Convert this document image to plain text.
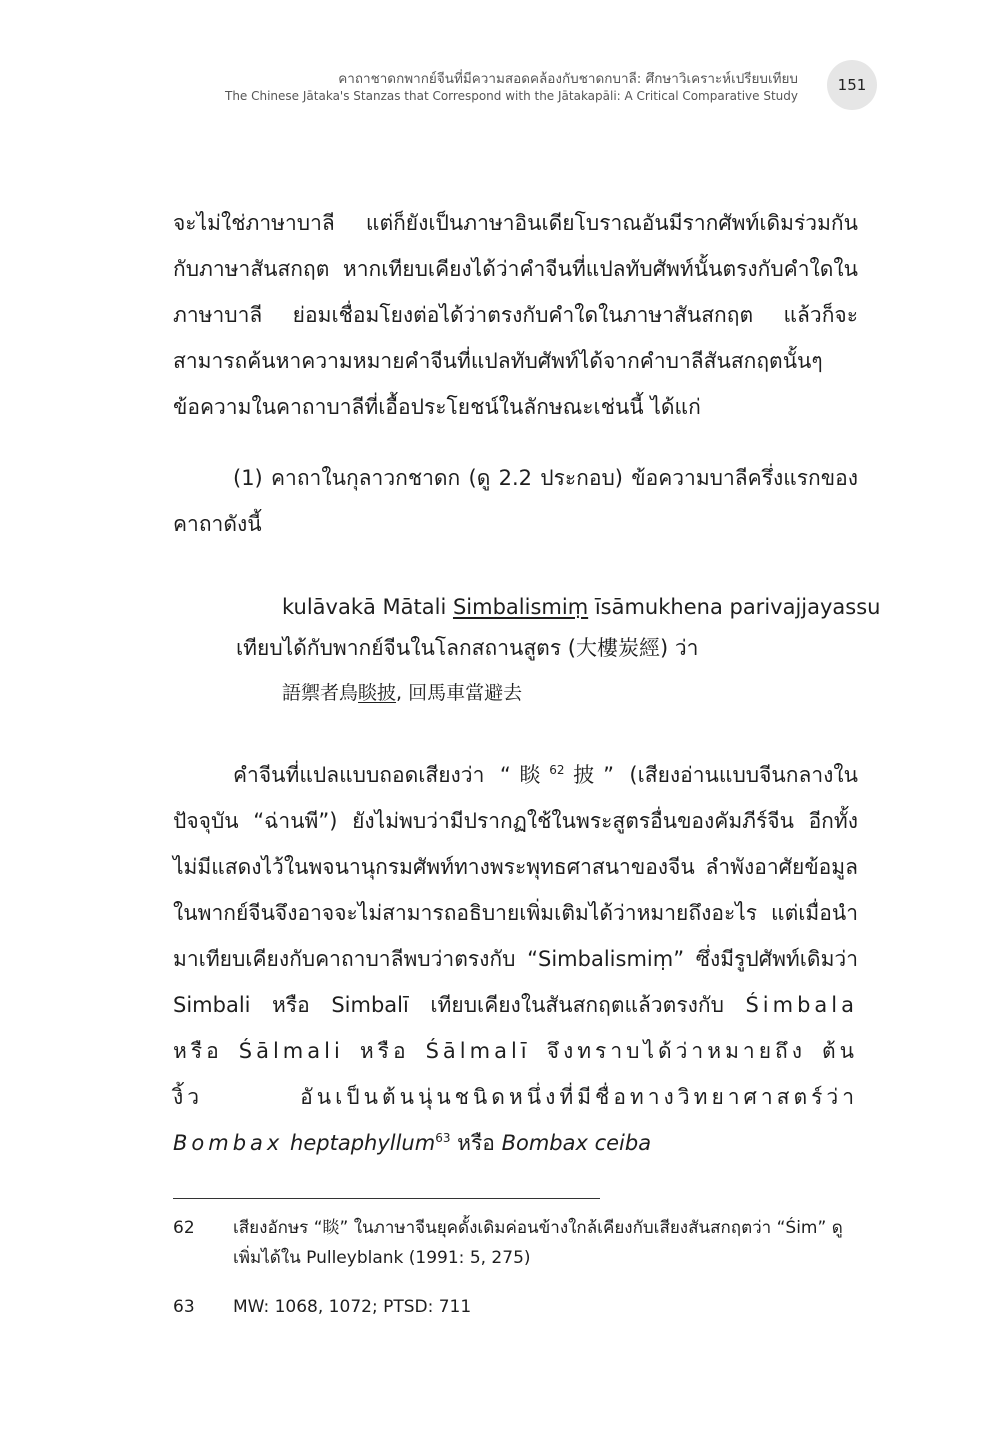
คาถาชาดกพากย์จีนที่มีความสอดคล้องกับชาดกบาลี: ศึกษาวิเคราะห์เปรียบเทียบ
The Chinese Jātaka's Stanzas that Correspond with the Jātakapāli: A Critical Comparative Study
151

จะไม่ใช่ภาษาบาลี แต่ก็ยังเป็นภาษาอินเดียโบราณอันมีรากศัพท์เดิมร่วมกันกับภาษาสันสกฤต หากเทียบเคียงได้ว่าคำจีนที่แปลทับศัพท์นั้นตรงกับคำใดในภาษาบาลี ย่อมเชื่อมโยงต่อได้ว่าตรงกับคำใดในภาษาสันสกฤต แล้วก็จะสามารถค้นหาความหมายคำจีนที่แปลทับศัพท์ได้จากคำบาลีสันสกฤตนั้นๆ ข้อความในคาถาบาลีที่เอื้อประโยชน์ในลักษณะเช่นนี้ ได้แก่

(1) คาถาในกุลาวกชาดก (ดู 2.2 ประกอบ) ข้อความบาลีครึ่งแรกของคาถาดังนี้

kulāvakā Mātali Simbalismiṃ īsāmukhena parivajjayassu
เทียบได้กับพากย์จีนในโลกสถานสูตร (大樓炭經) ว่า
語禦者鳥睒披, 回馬車當避去

คำจีนที่แปลแบบถอดเสียงว่า “睒$^{62}$披” (เสียงอ่านแบบจีนกลางในปัจจุบัน “ฉ่านพี”) ยังไม่พบว่ามีปรากฏใช้ในพระสูตรอื่นของคัมภีร์จีน อีกทั้งไม่มีแสดงไว้ในพจนานุกรมศัพท์ทางพระพุทธศาสนาของจีน ลำพังอาศัยข้อมูลในพากย์จีนจึงอาจจะไม่สามารถอธิบายเพิ่มเติมได้ว่าหมายถึงอะไร แต่เมื่อนำมาเทียบเคียงกับคาถาบาลีพบว่าตรงกับ “Simbalismiṃ” ซึ่งมีรูปศัพท์เดิมว่า Simbali หรือ Simbalī เทียบเคียงในสันสกฤตแล้วตรงกับ Śimbala หรือ Śālmali หรือ Śālmalī จึงทราบได้ว่าหมายถึง ต้นงิ้ว	อันเป็นต้นนุ่นชนิดหนึ่งที่มีชื่อทางวิทยาศาสตร์ว่า Bombax heptaphyllum$^{63}$ หรือ Bombax ceiba

62 เสียงอักษร “睒” ในภาษาจีนยุคดั้งเดิมค่อนข้างใกล้เคียงกับเสียงสันสกฤตว่า “Śim” ดูเพิ่มได้ใน Pulleyblank (1991: 5, 275)
63 MW: 1068, 1072; PTSD: 711
